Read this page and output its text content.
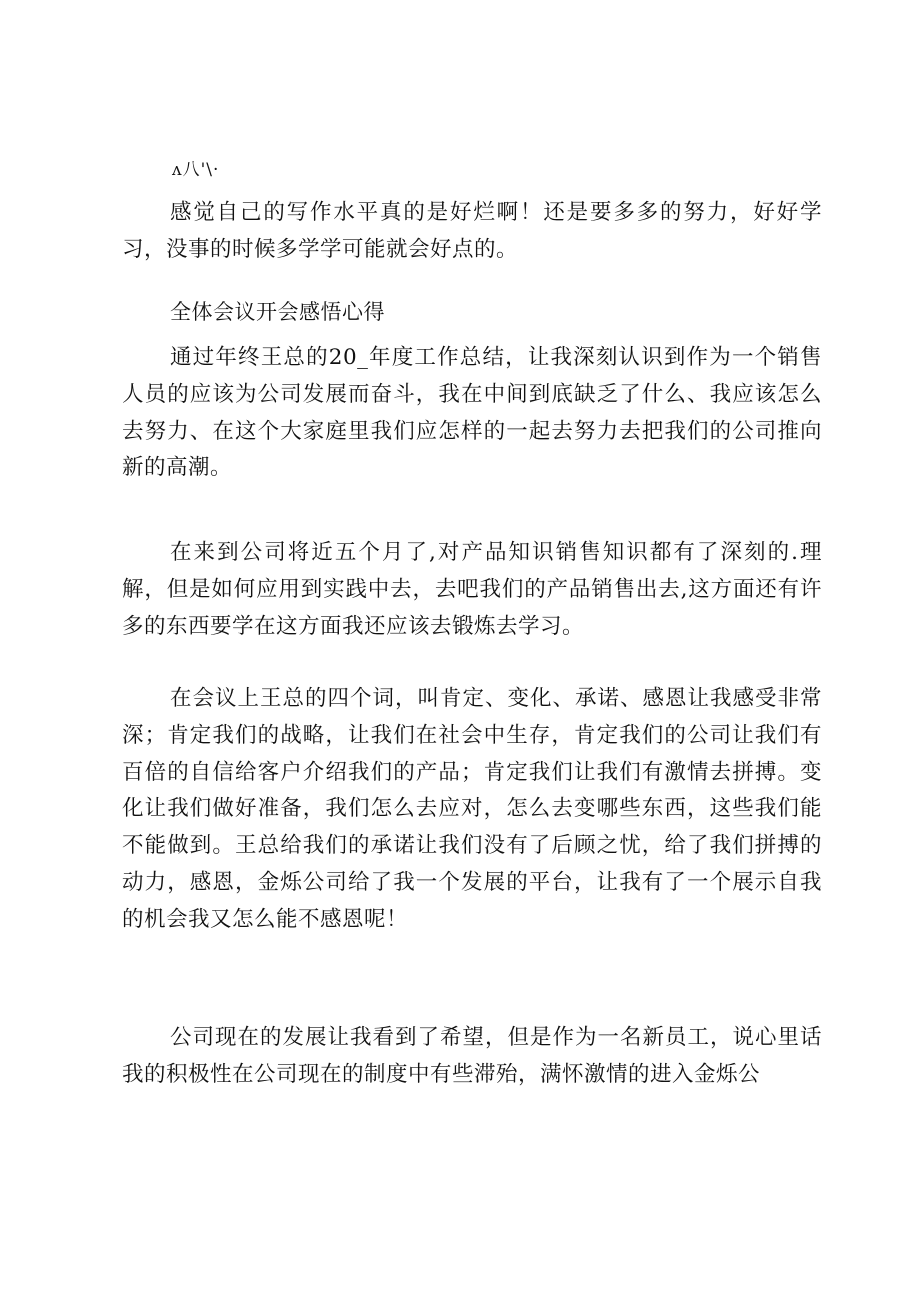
ʌ八'\·

感觉自己的写作水平真的是好烂啊！还是要多多的努力，好好学习，没事的时候多学学可能就会好点的。

全体会议开会感悟心得

通过年终王总的20_年度工作总结，让我深刻认识到作为一个销售人员的应该为公司发展而奋斗，我在中间到底缺乏了什么、我应该怎么去努力、在这个大家庭里我们应怎样的一起去努力去把我们的公司推向新的高潮。

在来到公司将近五个月了,对产品知识销售知识都有了深刻的.理解，但是如何应用到实践中去，去吧我们的产品销售出去,这方面还有许多的东西要学在这方面我还应该去锻炼去学习。

在会议上王总的四个词，叫肯定、变化、承诺、感恩让我感受非常深；肯定我们的战略，让我们在社会中生存，肯定我们的公司让我们有百倍的自信给客户介绍我们的产品；肯定我们让我们有激情去拼搏。变化让我们做好准备，我们怎么去应对，怎么去变哪些东西，这些我们能不能做到。王总给我们的承诺让我们没有了后顾之忧，给了我们拼搏的动力，感恩，金烁公司给了我一个发展的平台，让我有了一个展示自我的机会我又怎么能不感恩呢！

公司现在的发展让我看到了希望，但是作为一名新员工，说心里话我的积极性在公司现在的制度中有些滞殆，满怀激情的进入金烁公
